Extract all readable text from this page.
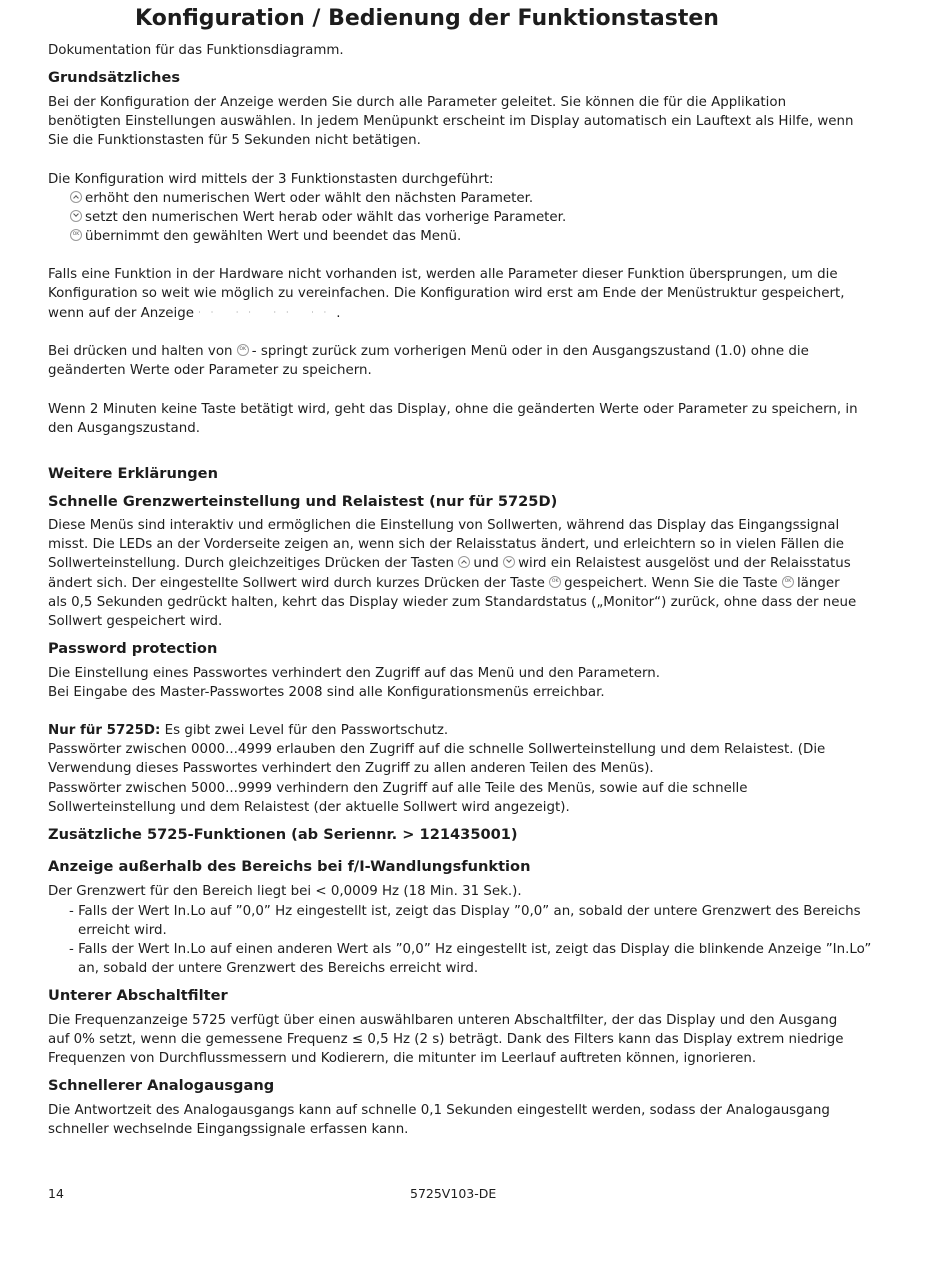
Konfiguration / Bedienung der Funktionstasten

Dokumentation für das Funktionsdiagramm.

Grundsätzliches

Bei der Konfiguration der Anzeige werden Sie durch alle Parameter geleitet. Sie können die für die Applikation benötigten Einstellungen auswählen. In jedem Menüpunkt erscheint im Display automatisch ein Lauftext als Hilfe, wenn Sie die Funktionstasten für 5 Sekunden nicht betätigen.

Die Konfiguration wird mittels der 3 Funktionstasten durchgeführt:

erhöht den numerischen Wert oder wählt den nächsten Parameter.

setzt den numerischen Wert herab oder wählt das vorherige Parameter.

OKübernimmt den gewählten Wert und beendet das Menü.

Falls eine Funktion in der Hardware nicht vorhanden ist, werden alle Parameter dieser Funktion übersprungen, um die Konfiguration so weit wie möglich zu vereinfachen. Die Konfiguration wird erst am Ende der Menüstruktur gespeichert, wenn auf der Anzeige ·· ·· ·· ··.

Bei drücken und halten von OK - springt zurück zum vorherigen Menü oder in den Ausgangszustand (1.0) ohne die geänderten Werte oder Parameter zu speichern.

Wenn 2 Minuten keine Taste betätigt wird, geht das Display, ohne die geänderten Werte oder Parameter zu speichern, in den Ausgangszustand.

Weitere Erklärungen

Schnelle Grenzwerteinstellung und Relaistest (nur für 5725D)

Diese Menüs sind interaktiv und ermöglichen die Einstellung von Sollwerten, während das Display das Eingangssignal misst. Die LEDs an der Vorderseite zeigen an, wenn sich der Relaisstatus ändert, und erleichtern so in vielen Fällen die Sollwerteinstellung. Durch gleichzeitiges Drücken der Tasten und wird ein Relaistest ausgelöst und der Relaisstatus ändert sich. Der eingestellte Sollwert wird durch kurzes Drücken der Taste OK gespeichert. Wenn Sie die Taste OK länger als 0,5 Sekunden gedrückt halten, kehrt das Display wieder zum Standardstatus („Monitor“) zurück, ohne dass der neue Sollwert gespeichert wird.

Password protection

Die Einstellung eines Passwortes verhindert den Zugriff auf das Menü und den Parametern.

Bei Eingabe des Master-Passwortes 2008 sind alle Konfigurationsmenüs erreichbar.

Nur für 5725D: Es gibt zwei Level für den Passwortschutz.

Passwörter zwischen 0000...4999 erlauben den Zugriff auf die schnelle Sollwerteinstellung und dem Relaistest. (Die Verwendung dieses Passwortes verhindert den Zugriff zu allen anderen Teilen des Menüs).

Passwörter zwischen 5000...9999 verhindern den Zugriff auf alle Teile des Menüs, sowie auf die schnelle Sollwerteinstellung und dem Relaistest (der aktuelle Sollwert wird angezeigt).

Zusätzliche 5725-Funktionen (ab Seriennr. > 121435001)

Anzeige außerhalb des Bereichs bei f/I-Wandlungsfunktion

Der Grenzwert für den Bereich liegt bei < 0,0009 Hz (18 Min. 31 Sek.).

- Falls der Wert In.Lo auf ”0,0” Hz eingestellt ist, zeigt das Display ”0,0” an, sobald der untere Grenzwert des Bereichs erreicht wird.

- Falls der Wert In.Lo auf einen anderen Wert als ”0,0” Hz eingestellt ist, zeigt das Display die blinkende Anzeige ”In.Lo” an, sobald der untere Grenzwert des Bereichs erreicht wird.

Unterer Abschaltfilter

Die Frequenzanzeige 5725 verfügt über einen auswählbaren unteren Abschaltfilter, der das Display und den Ausgang auf 0% setzt, wenn die gemessene Frequenz ≤ 0,5 Hz (2 s) beträgt. Dank des Filters kann das Display extrem niedrige Frequenzen von Durchflussmessern und Kodierern, die mitunter im Leerlauf auftreten können, ignorieren.

Schnellerer Analogausgang

Die Antwortzeit des Analogausgangs kann auf schnelle 0,1 Sekunden eingestellt werden, sodass der Analogausgang schneller wechselnde Eingangssignale erfassen kann.

14	5725V103-DE
